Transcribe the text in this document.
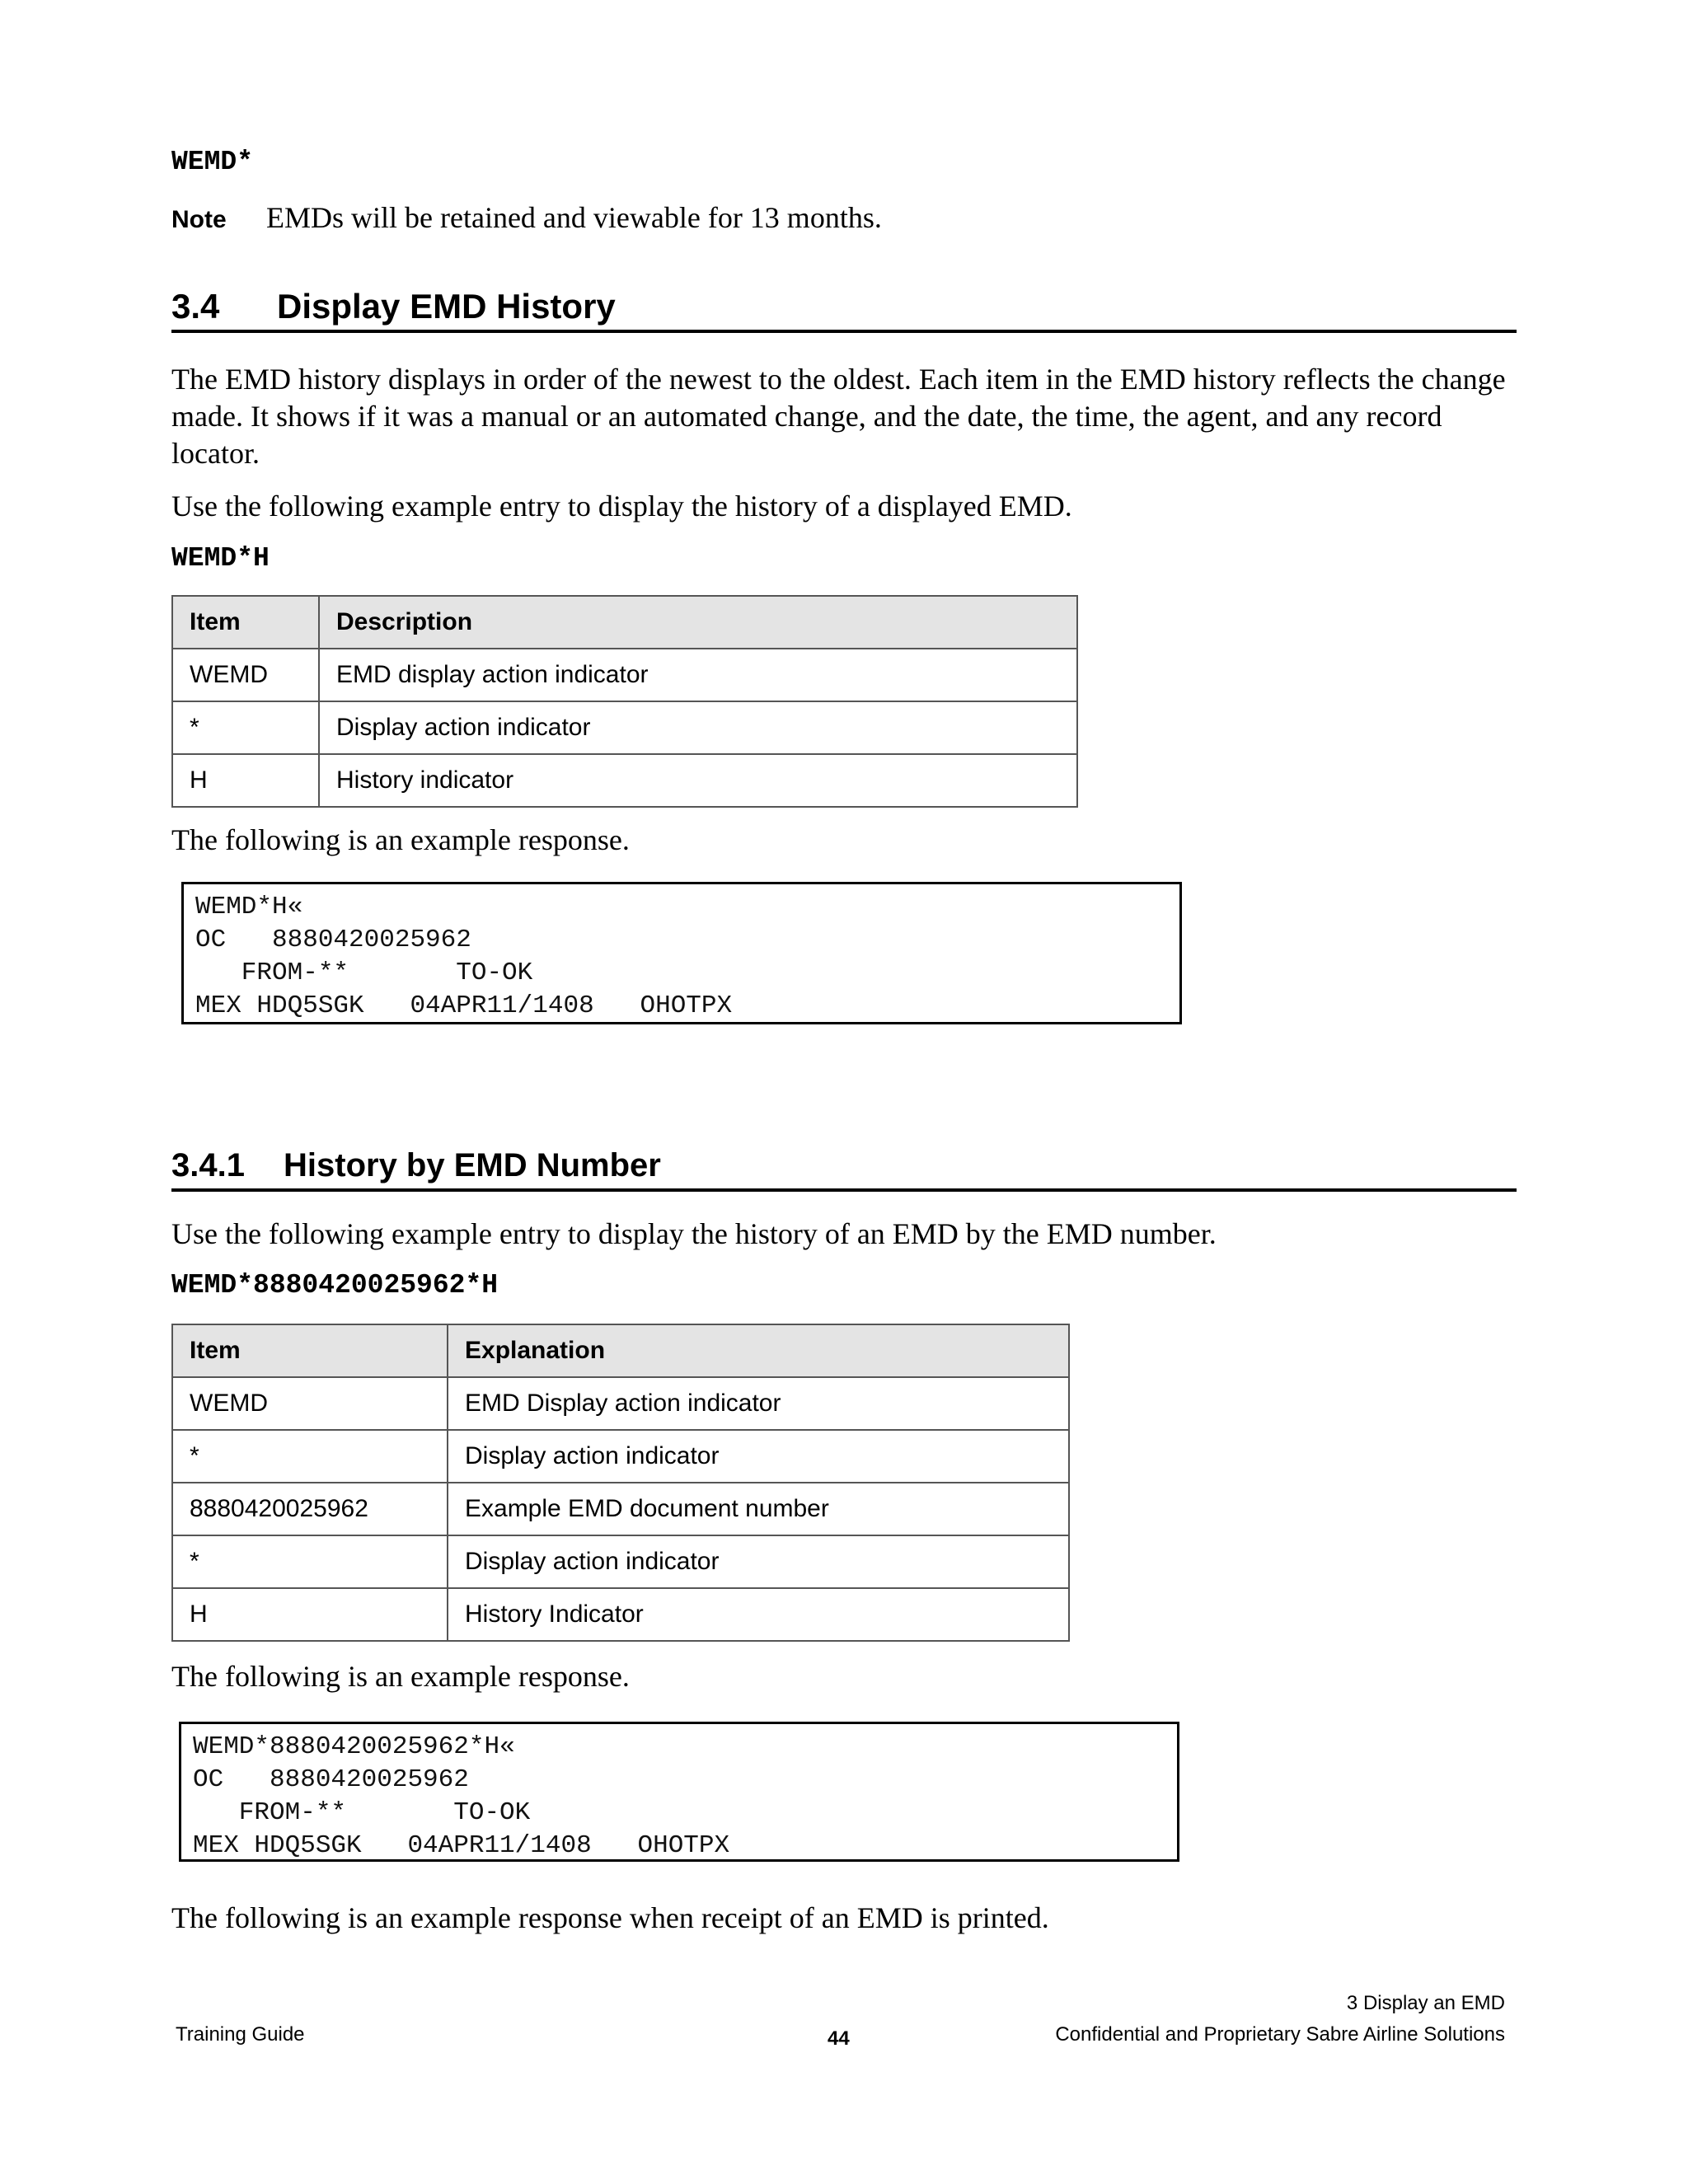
WEMD*
Note EMDs will be retained and viewable for 13 months.
3.4 Display EMD History
The EMD history displays in order of the newest to the oldest. Each item in the EMD history reflects the change made. It shows if it was a manual or an automated change, and the date, the time, the agent, and any record locator.
Use the following example entry to display the history of a displayed EMD.
WEMD*H
Item	Description
WEMD	EMD display action indicator
*	Display action indicator
H	History indicator
The following is an example response.
WEMD*H«
OC   8880420025962
FROM-**       TO-OK
MEX HDQ5SGK   04APR11/1408   OHOTPX
3.4.1 History by EMD Number
Use the following example entry to display the history of an EMD by the EMD number.
WEMD*8880420025962*H
Item	Explanation
WEMD	EMD Display action indicator
*	Display action indicator
8880420025962	Example EMD document number
*	Display action indicator
H	History Indicator
The following is an example response.
WEMD*8880420025962*H«
OC   8880420025962
FROM-**       TO-OK
MEX HDQ5SGK   04APR11/1408   OHOTPX
The following is an example response when receipt of an EMD is printed.
3 Display an EMD
Training Guide	44	Confidential and Proprietary Sabre Airline Solutions
